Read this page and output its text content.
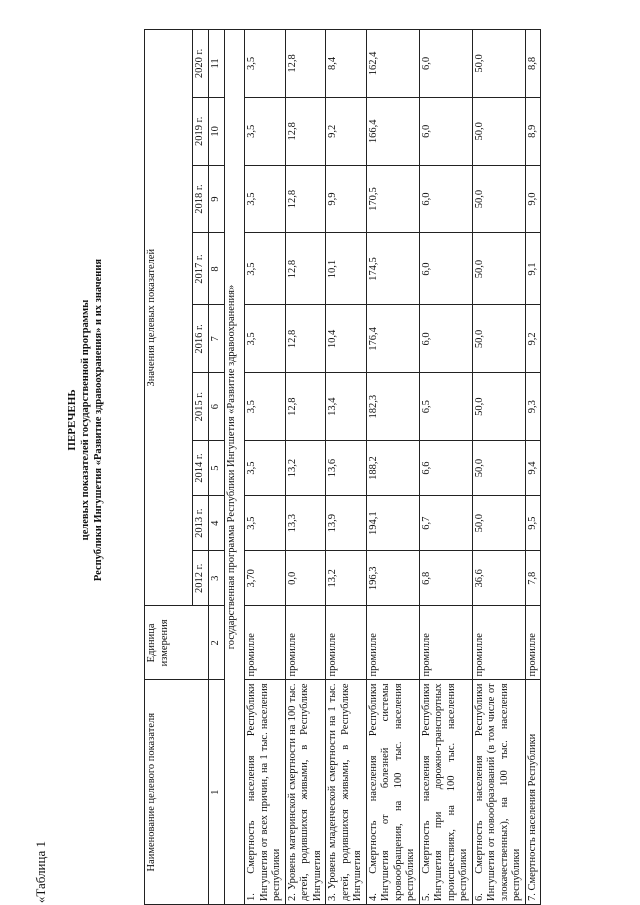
«Таблица 1
ПЕРЕЧЕНЬ целевых показателей государственной программы Республики Ингушетия «Развитие здравоохранения» и их значения
Наименование целевого показателя	Единица измерения	Значения целевых показателей								
		2012 г.	2013 г.	2014 г.	2015 г.	2016 г.	2017 г.	2018 г.	2019 г.	2020 г.
1	2	3	4	5	6	7	8	9	10	11
государственная программа Республики Ингушетия «Развитие здравоохранения»										
1. Смертность населения Республики Ингушетия от всех причин, на 1 тыс. населения республики	промилле	3,70	3,5	3,5	3,5	3,5	3,5	3,5	3,5	3,5
2. Уровень материнской смертности на 100 тыс. детей, родившихся живыми, в Республике Ингушетия	промилле	0,0	13,3	13,2	12,8	12,8	12,8	12,8	12,8	12,8
3. Уровень младенческой смертности на 1 тыс. детей, родившихся живыми, в Республике Ингушетия	промилле	13,2	13,9	13,6	13,4	10,4	10,1	9,9	9,2	8,4
4. Смертность населения Республики Ингушетия от болезней системы кровообращения, на 100 тыс. населения республики	промилле	196,3	194,1	188,2	182,3	176,4	174,5	170,5	166,4	162,4
5. Смертность населения Республики Ингушетия при дорожно-транспортных происшествиях, на 100 тыс. населения республики	промилле	6,8	6,7	6,6	6,5	6,0	6,0	6,0	6,0	6,0
6. Смертность населения Республики Ингушетия от новообразований (в том числе от злокачественных), на 100 тыс. населения республики	промилле	36,6	50,0	50,0	50,0	50,0	50,0	50,0	50,0	50,0
7. Смертность населения Республики	промилле	7,8	9,5	9,4	9,3	9,2	9,1	9,0	8,9	8,8
